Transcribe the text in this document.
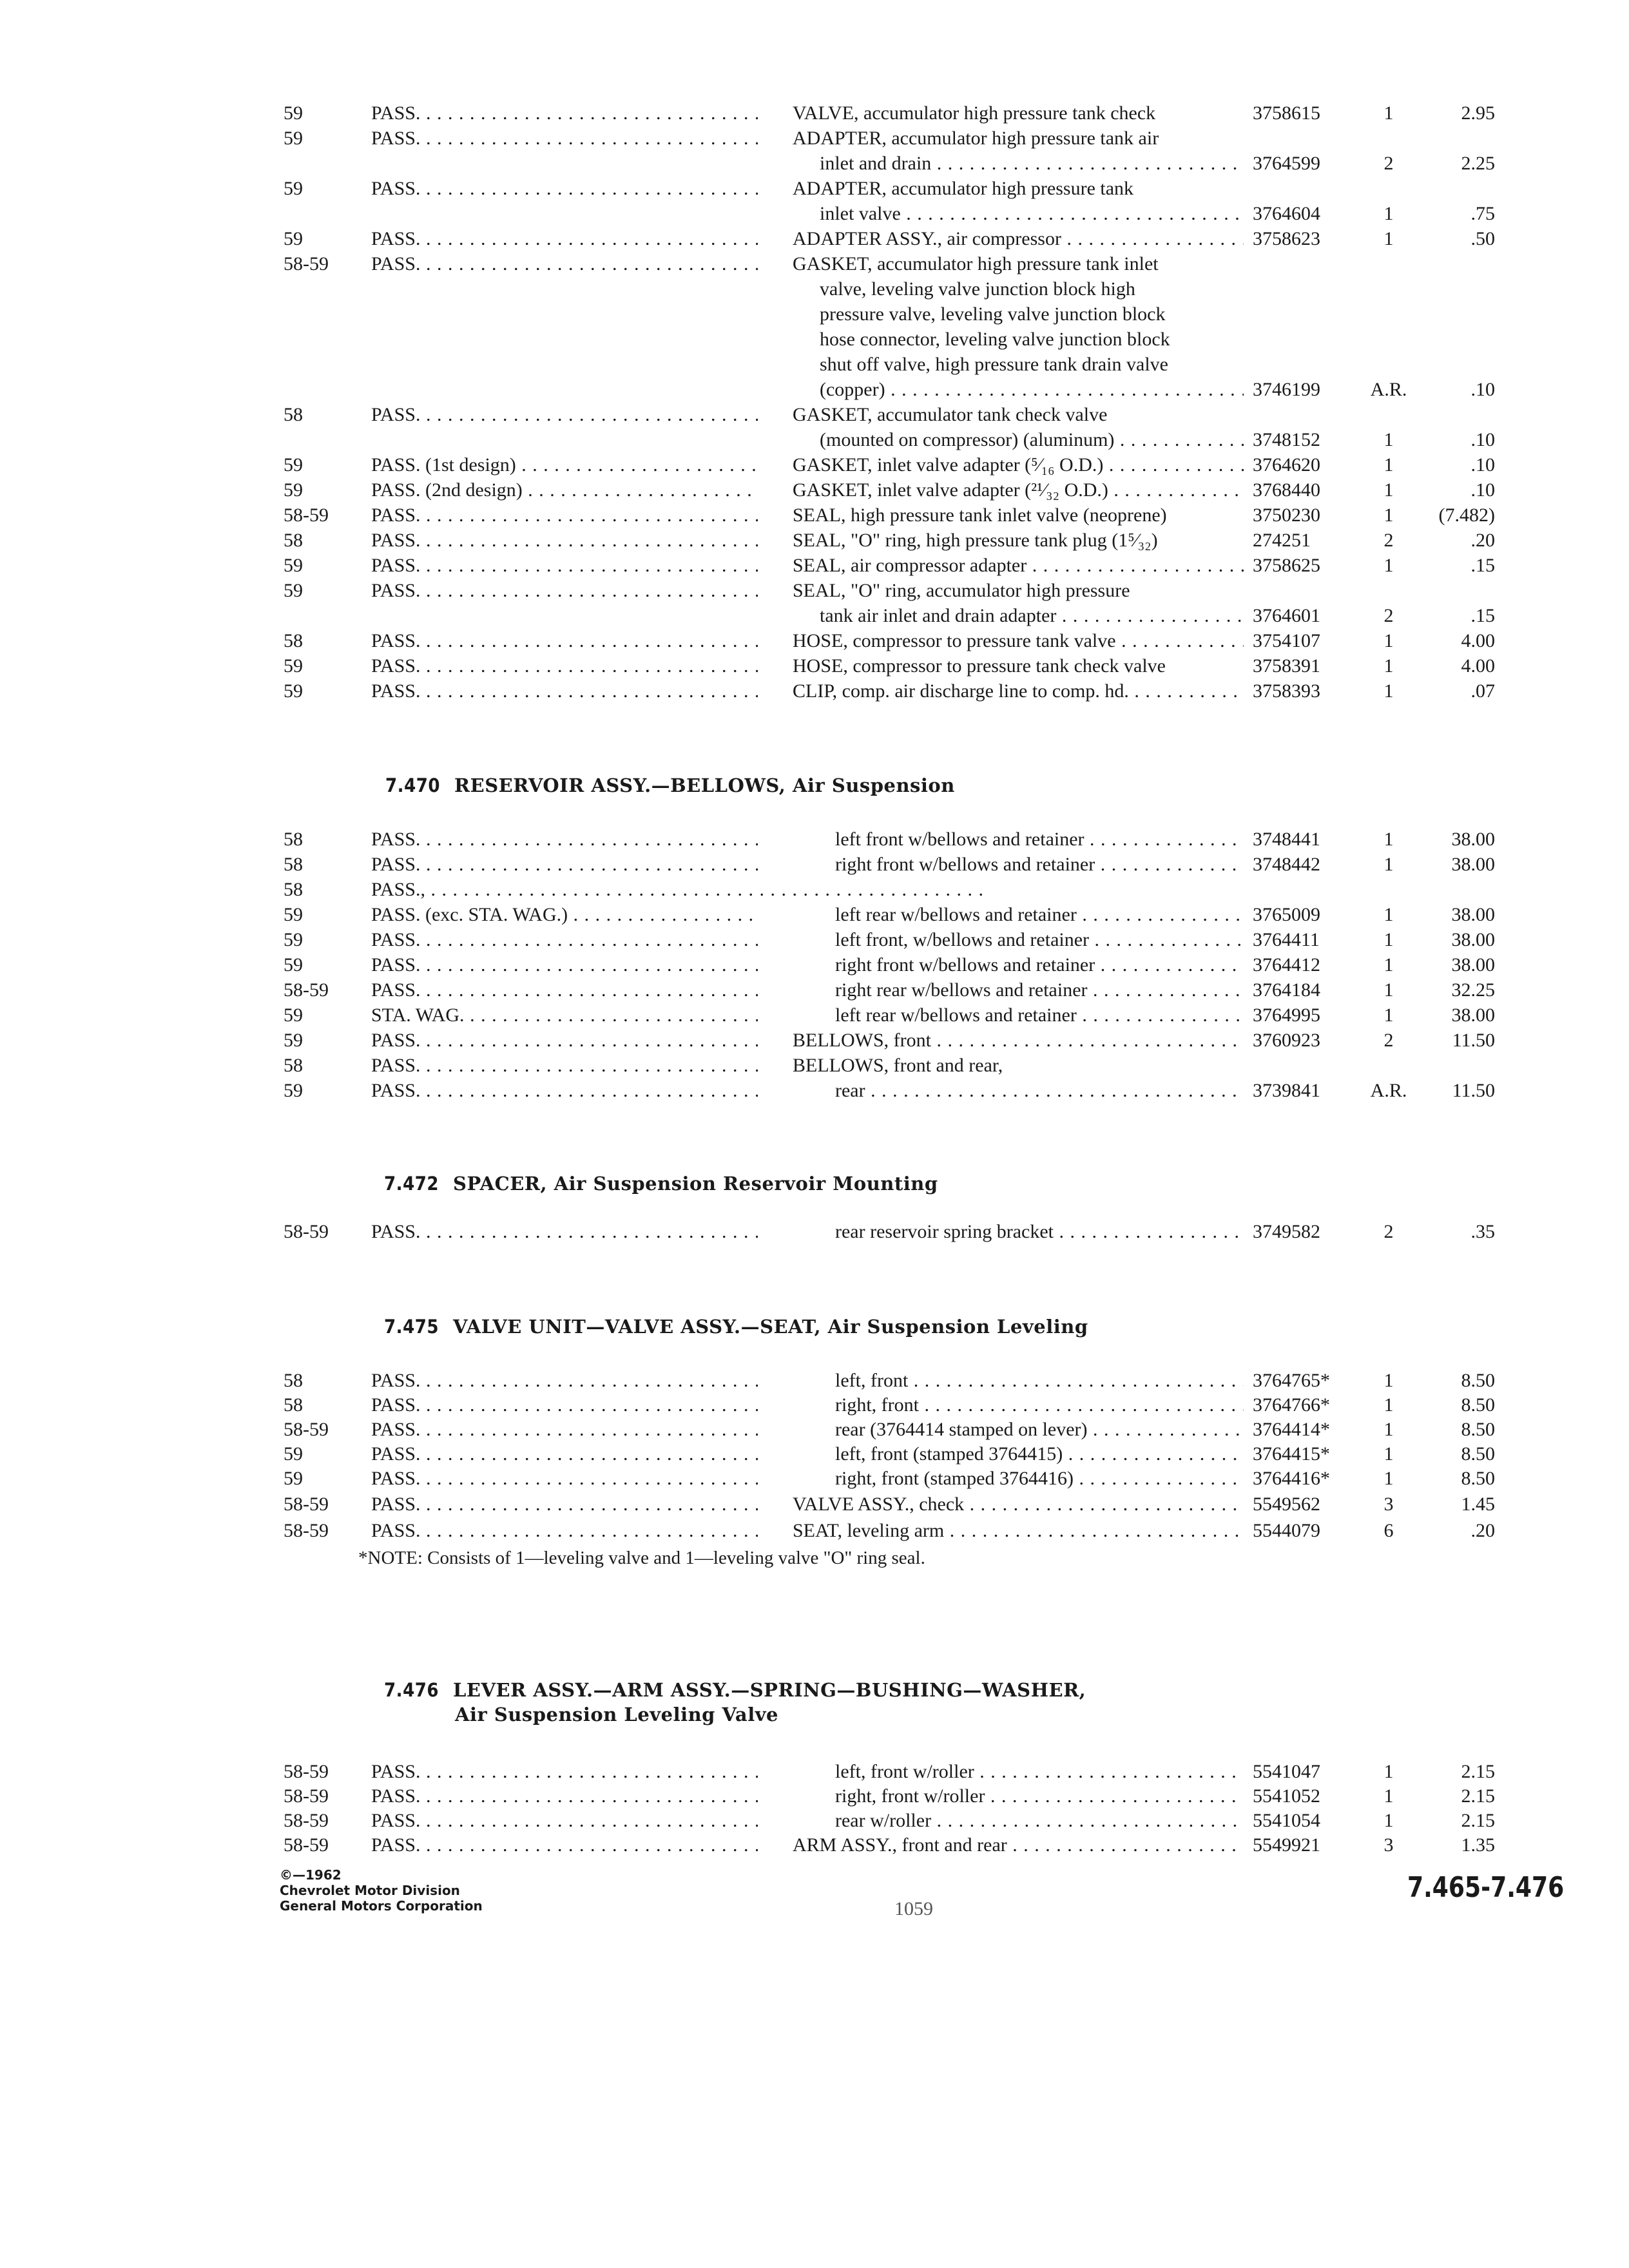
59	PASS. . . .	VALVE, accumulator high pressure tank check	3758615	1	2.95
59	PASS. . . .	ADAPTER, accumulator high pressure tank air
inlet and drain . . .	3764599	2	2.25
59	PASS. . . .	ADAPTER, accumulator high pressure tank
inlet valve . . .	3764604	1	.75
59	PASS. . . .	ADAPTER ASSY., air compressor . . .	3758623	1	.50
58-59 PASS. . . .	GASKET, accumulator high pressure tank inlet
valve, leveling valve junction block high
pressure valve, leveling valve junction block
hose connector, leveling valve junction block
shut off valve, high pressure tank drain valve
(copper) . . .	3746199	A.R.	.10
58	PASS. . . .	GASKET, accumulator tank check valve
(mounted on compressor) (aluminum) . . .	3748152	1	.10
59	PASS. (1st design) . . .	GASKET, inlet valve adapter (⁵⁄₁₆ O.D.) . . .	3764620	1	.10
59	PASS. (2nd design) . . .	GASKET, inlet valve adapter (²¹⁄₃₂ O.D.) . . .	3768440	1	.10
58-59 PASS. . . .	SEAL, high pressure tank inlet valve (neoprene)	3750230	1	(7.482)
58	PASS. . . .	SEAL, "O" ring, high pressure tank plug (1⁵⁄₃₂)	274251	2	.20
59	PASS. . . .	SEAL, air compressor adapter . . .	3758625	1	.15
59	PASS. . . .	SEAL, "O" ring, accumulator high pressure
tank air inlet and drain adapter . . .	3764601	2	.15
58	PASS. . . .	HOSE, compressor to pressure tank valve . . .	3754107	1	4.00
59	PASS. . . .	HOSE, compressor to pressure tank check valve	3758391	1	4.00
59	PASS. . . .	CLIP, comp. air discharge line to comp. hd. . . .	3758393	1	.07
7.470 RESERVOIR ASSY.—BELLOWS, Air Suspension
58	PASS. . . .	left front w/bellows and retainer . . .	3748441	1	38.00
58	PASS. . . .	right front w/bellows and retainer . . .	3748442	1	38.00
58	PASS., . . .
59	PASS. (exc. STA. WAG.) . . .	left rear w/bellows and retainer . . .	3765009	1	38.00
59	PASS. . . .	left front, w/bellows and retainer . . .	3764411	1	38.00
59	PASS. . . .	right front w/bellows and retainer . . .	3764412	1	38.00
58-59 PASS. . . .	right rear w/bellows and retainer . . .	3764184	1	32.25
59	STA. WAG. . . .	left rear w/bellows and retainer . . .	3764995	1	38.00
59	PASS. . . .	BELLOWS, front . . .	3760923	2	11.50
58	PASS. . . .	BELLOWS, front and rear,
59	PASS. . . .	rear . . .	3739841	A.R.	11.50
7.472 SPACER, Air Suspension Reservoir Mounting
58-59 PASS. . . .	rear reservoir spring bracket . . .	3749582	2	.35
7.475 VALVE UNIT—VALVE ASSY.—SEAT, Air Suspension Leveling
58	PASS. . . .	left, front . . .	3764765*	1	8.50
58	PASS. . . .	right, front . . .	3764766*	1	8.50
58-59 PASS. . . .	rear (3764414 stamped on lever) . . .	3764414*	1	8.50
59	PASS. . . .	left, front (stamped 3764415) . . .	3764415*	1	8.50
59	PASS. . . .	right, front (stamped 3764416) . . .	3764416*	1	8.50
58-59 PASS. . . .	VALVE ASSY., check . . .	5549562	3	1.45
58-59 PASS. . . .	SEAT, leveling arm . . .	5544079	6	.20
*NOTE: Consists of 1—leveling valve and 1—leveling valve "O" ring seal.
7.476 LEVER ASSY.—ARM ASSY.—SPRING—BUSHING—WASHER,
Air Suspension Leveling Valve
58-59 PASS. . . .	left, front w/roller . . .	5541047	1	2.15
58-59 PASS. . . .	right, front w/roller . . .	5541052	1	2.15
58-59 PASS. . . .	rear w/roller . . .	5541054	1	2.15
58-59 PASS. . . .	ARM ASSY., front and rear . . .	5549921	3	1.35
©—1962
Chevrolet Motor Division
General Motors Corporation	1059
7.465-7.476
